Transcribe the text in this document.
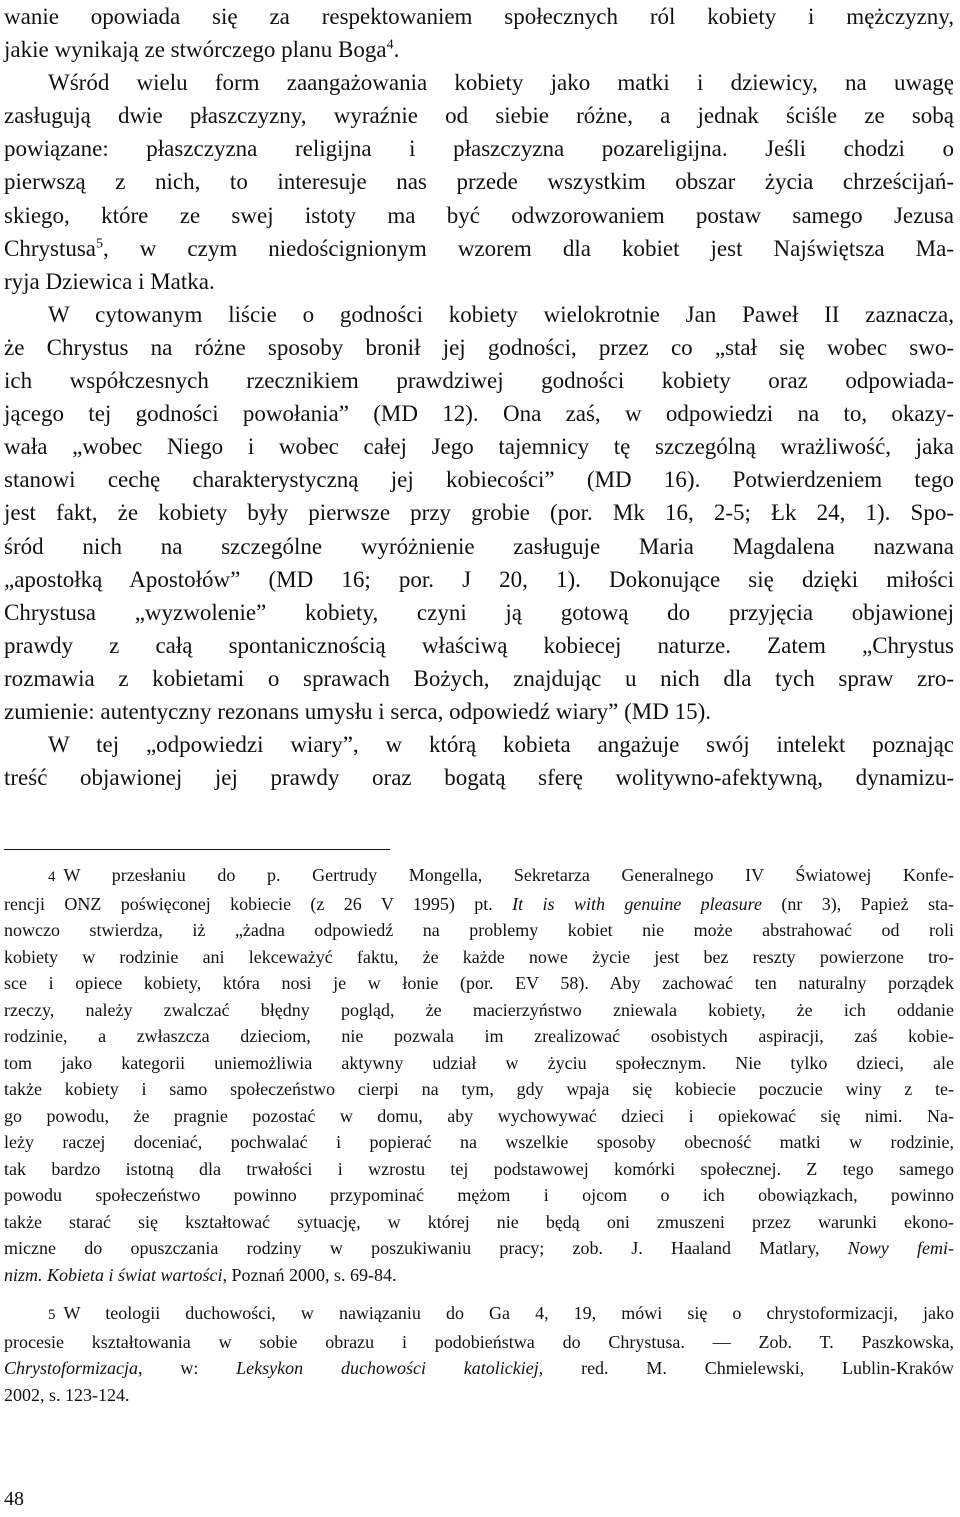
wanie opowiada się za respektowaniem społecznych ról kobiety i mężczyzny,
jakie wynikają ze stwórczego planu Boga$^4$.
Wśród wielu form zaangażowania kobiety jako matki i dziewicy, na uwagę
zasługują dwie płaszczyzny, wyraźnie od siebie różne, a jednak ściśle ze sobą
powiązane: płaszczyzna religijna i płaszczyzna pozareligijna. Jeśli chodzi o
pierwszą z nich, to interesuje nas przede wszystkim obszar życia chrześcijań-
skiego, które ze swej istoty ma być odwzorowaniem postaw samego Jezusa
Chrystusa$^5$, w czym niedoścignionym wzorem dla kobiet jest Najświętsza Ma-
ryja Dziewica i Matka.
W cytowanym liście o godności kobiety wielokrotnie Jan Paweł II zaznacza,
że Chrystus na różne sposoby bronił jej godności, przez co „stał się wobec swo-
ich współczesnych rzecznikiem prawdziwej godności kobiety oraz odpowiada-
jącego tej godności powołania” (MD 12). Ona zaś, w odpowiedzi na to, okazy-
wała „wobec Niego i wobec całej Jego tajemnicy tę szczególną wrażliwość, jaka
stanowi cechę charakterystyczną jej kobiecości” (MD 16). Potwierdzeniem tego
jest fakt, że kobiety były pierwsze przy grobie (por. Mk 16, 2-5; Łk 24, 1). Spo-
śród nich na szczególne wyróżnienie zasługuje Maria Magdalena nazwana
„apostołką Apostołów” (MD 16; por. J 20, 1). Dokonujące się dzięki miłości
Chrystusa „wyzwolenie” kobiety, czyni ją gotową do przyjęcia objawionej
prawdy z całą spontanicznością właściwą kobiecej naturze. Zatem „Chrystus
rozmawia z kobietami o sprawach Bożych, znajdując u nich dla tych spraw zro-
zumienie: autentyczny rezonans umysłu i serca, odpowiedź wiary” (MD 15).
W tej „odpowiedzi wiary”, w którą kobieta angażuje swój intelekt poznając
treść objawionej jej prawdy oraz bogatą sferę wolitywno-afektywną, dynamizu-
4 W przesłaniu do p. Gertrudy Mongella, Sekretarza Generalnego IV Światowej Konfe-
rencji ONZ poświęconej kobiecie (z 26 V 1995) pt. It is with genuine pleasure (nr 3), Papież sta-
nowczo stwierdza, iż „żadna odpowiedź na problemy kobiet nie może abstrahować od roli
kobiety w rodzinie ani lekceważyć faktu, że każde nowe życie jest bez reszty powierzone tro-
sce i opiece kobiety, która nosi je w łonie (por. EV 58). Aby zachować ten naturalny porządek
rzeczy, należy zwalczać błędny pogląd, że macierzyństwo zniewala kobiety, że ich oddanie
rodzinie, a zwłaszcza dzieciom, nie pozwala im zrealizować osobistych aspiracji, zaś kobie-
tom jako kategorii uniemożliwia aktywny udział w życiu społecznym. Nie tylko dzieci, ale
także kobiety i samo społeczeństwo cierpi na tym, gdy wpaja się kobiecie poczucie winy z te-
go powodu, że pragnie pozostać w domu, aby wychowywać dzieci i opiekować się nimi. Na-
leży raczej doceniać, pochwalać i popierać na wszelkie sposoby obecność matki w rodzinie,
tak bardzo istotną dla trwałości i wzrostu tej podstawowej komórki społecznej. Z tego samego
powodu społeczeństwo powinno przypominać mężom i ojcom o ich obowiązkach, powinno
także starać się kształtować sytuację, w której nie będą oni zmuszeni przez warunki ekono-
miczne do opuszczania rodziny w poszukiwaniu pracy; zob. J. Haaland Matlary, Nowy femi-
nizm. Kobieta i świat wartości, Poznań 2000, s. 69-84.
5 W teologii duchowości, w nawiązaniu do Ga 4, 19, mówi się o chrystoformizacji, jako
procesie kształtowania w sobie obrazu i podobieństwa do Chrystusa. — Zob. T. Paszkowska,
Chrystoformizacja, w: Leksykon duchowości katolickiej, red. M. Chmielewski, Lublin-Kraków
2002, s. 123-124.
48
